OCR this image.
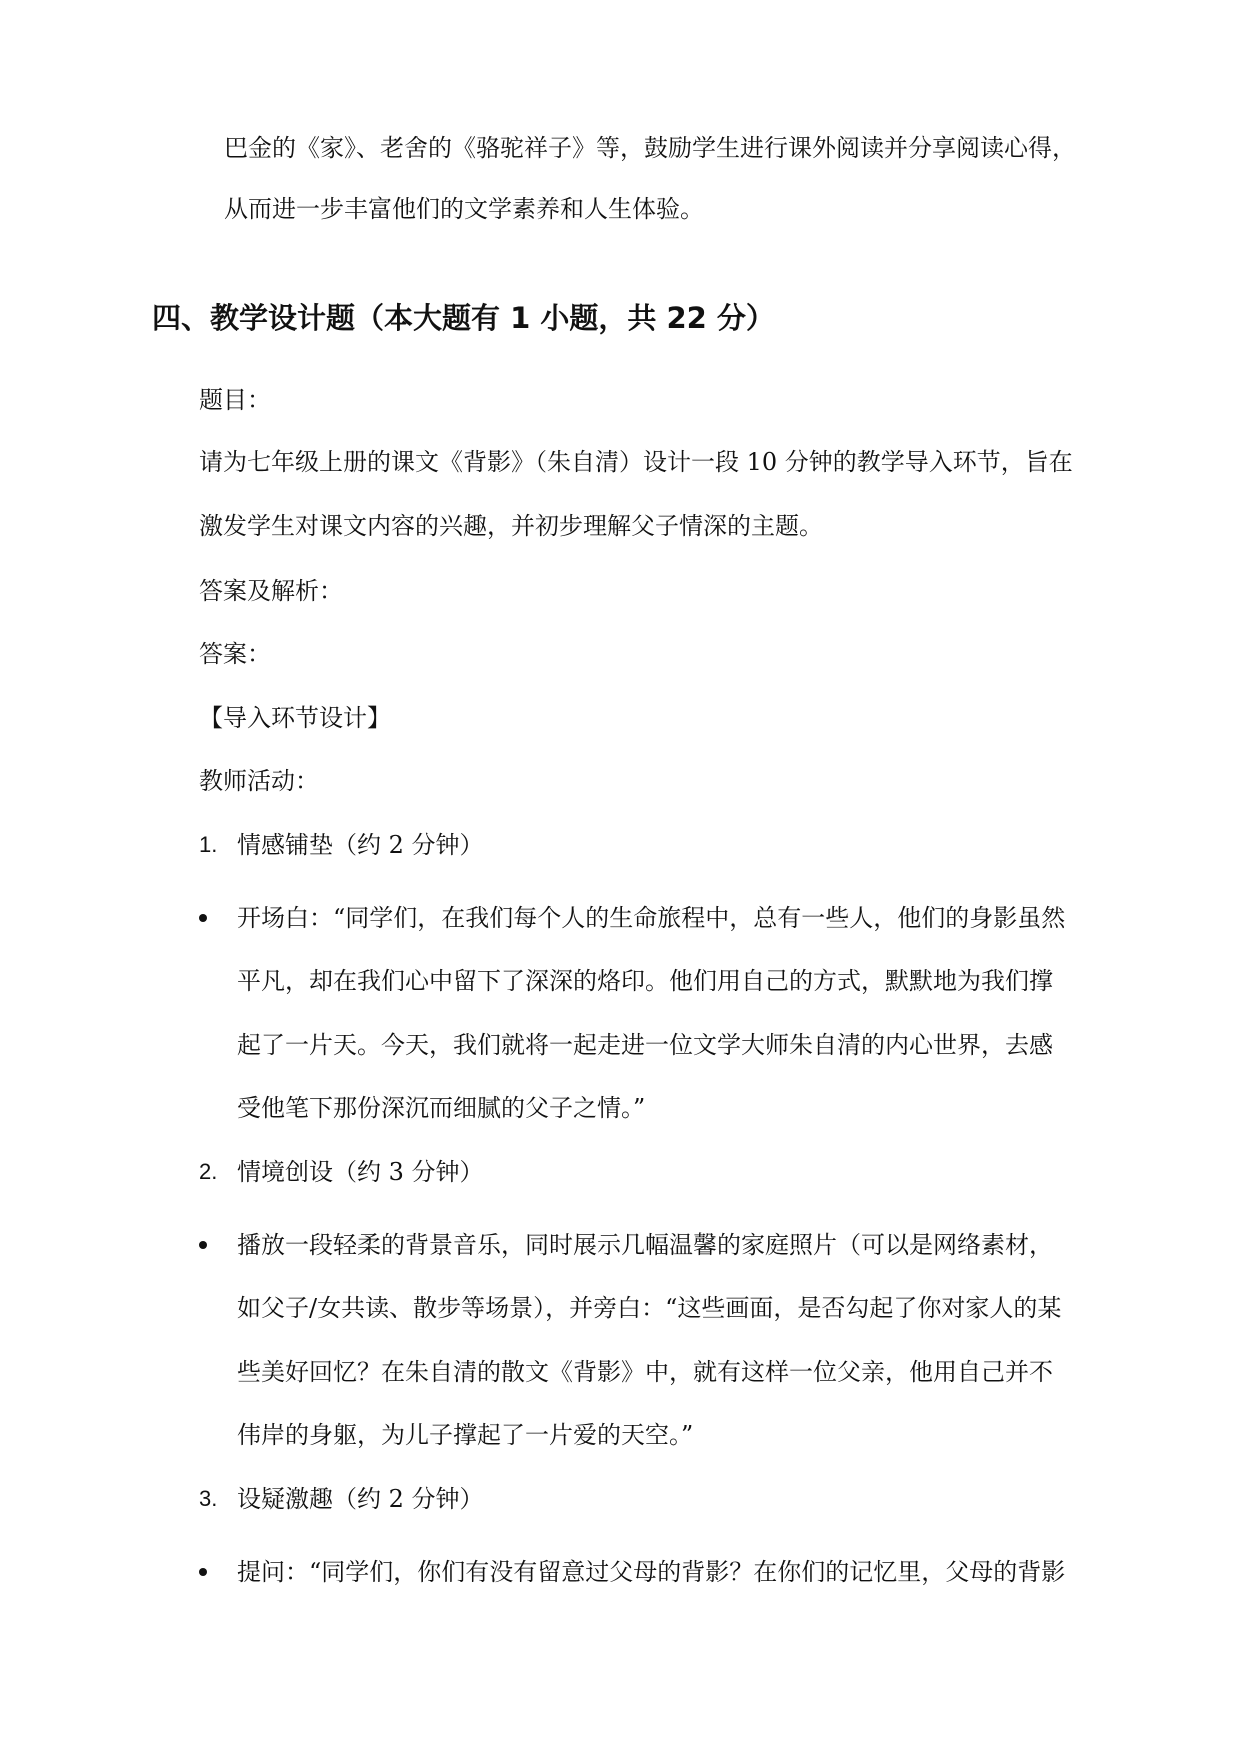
巴金的《家》、老舍的《骆驼祥子》等，鼓励学生进行课外阅读并分享阅读心得，
从而进一步丰富他们的文学素养和人生体验。
四、教学设计题（本大题有 1 小题，共 22 分）
题目：
请为七年级上册的课文《背影》（朱自清）设计一段 10 分钟的教学导入环节，旨在
激发学生对课文内容的兴趣，并初步理解父子情深的主题。
答案及解析：
答案：
【导入环节设计】
教师活动：
1. 情感铺垫（约 2 分钟）
开场白：“同学们，在我们每个人的生命旅程中，总有一些人，他们的身影虽然
平凡，却在我们心中留下了深深的烙印。他们用自己的方式，默默地为我们撑
起了一片天。今天，我们就将一起走进一位文学大师朱自清的内心世界，去感
受他笔下那份深沉而细腻的父子之情。”
2. 情境创设（约 3 分钟）
播放一段轻柔的背景音乐，同时展示几幅温馨的家庭照片（可以是网络素材，
如父子/女共读、散步等场景），并旁白：“这些画面，是否勾起了你对家人的某
些美好回忆？在朱自清的散文《背影》中，就有这样一位父亲，他用自己并不
伟岸的身躯，为儿子撑起了一片爱的天空。”
3. 设疑激趣（约 2 分钟）
提问：“同学们，你们有没有留意过父母的背影？在你们的记忆里，父母的背影
